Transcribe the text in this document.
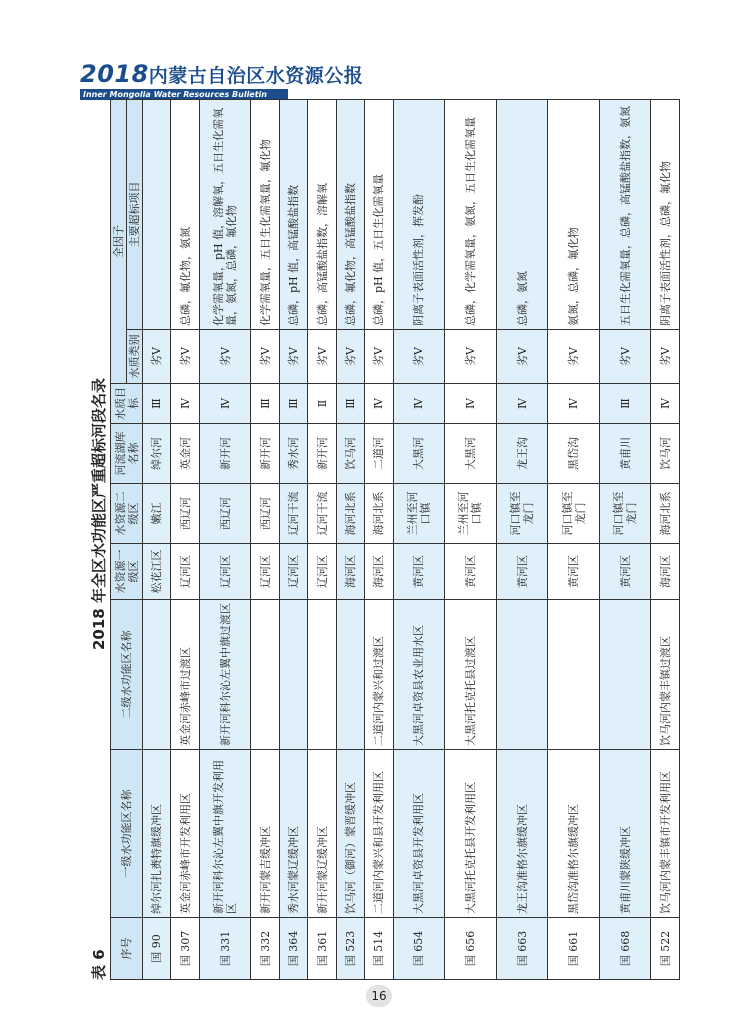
2018内蒙古自治区水资源公报
Inner Mongolia Water Resources Bulletin
表 6
2018 年全区水功能区严重超标河段名录
序号	一级水功能区名称	二级水功能区名称	水资源一级区	水资源二级区	河流湖库名称	水质目标	全因子	
							水质类别	主要超标项目
国 90	绰尔河扎赉特旗缓冲区		松花江区	嫩江	绰尔河	Ⅲ	劣Ⅴ	
国 307	英金河赤峰市开发利用区	英金河赤峰市过渡区	辽河区	西辽河	英金河	Ⅳ	劣Ⅴ	总磷，氟化物，氨氮
国 331	新开河科尔沁左翼中旗开发利用区	新开河科尔沁左翼中旗过渡区	辽河区	西辽河	新开河	Ⅳ	劣Ⅴ	化学需氧量，pH 值，溶解氧，五日生化需氧量，氨氮，总磷，氟化物
国 332	新开河蒙吉缓冲区		辽河区	西辽河	新开河	Ⅲ	劣Ⅴ	化学需氧量，五日生化需氧量，氟化物
国 364	秀水河蒙辽缓冲区		辽河区	辽河干流	秀水河	Ⅲ	劣Ⅴ	总磷，pH 值，高锰酸盐指数
国 361	新开河蒙辽缓冲区		辽河区	辽河干流	新开河	Ⅱ	劣Ⅴ	总磷，高锰酸盐指数，溶解氧
国 523	饮马河（御河）蒙晋缓冲区		海河区	海河北系	饮马河	Ⅲ	劣Ⅴ	总磷，氟化物，高锰酸盐指数
国 514	二道河内蒙兴和县开发利用区	二道河内蒙兴和过渡区	海河区	海河北系	二道河	Ⅳ	劣Ⅴ	总磷，pH 值，五日生化需氧量
国 654	大黑河卓资县开发利用区	大黑河卓资县农业用水区	黄河区	兰州至河口镇	大黑河	Ⅳ	劣Ⅴ	阴离子表面活性剂，挥发酚
国 656	大黑河托克托县开发利用区	大黑河托克托县过渡区	黄河区	兰州至河口镇	大黑河	Ⅳ	劣Ⅴ	总磷，化学需氧量，氨氮，五日生化需氧量
国 663	龙王沟准格尔旗缓冲区		黄河区	河口镇至龙门	龙王沟	Ⅳ	劣Ⅴ	总磷，氨氮
国 661	黑岱沟准格尔旗缓冲区		黄河区	河口镇至龙门	黑岱沟	Ⅳ	劣Ⅴ	氨氮，总磷，氟化物
国 668	黄甫川蒙陕缓冲区		黄河区	河口镇至龙门	黄甫川	Ⅲ	劣Ⅴ	五日生化需氧量，总磷，高锰酸盐指数，氨氮
国 522	饮马河内蒙丰镇市开发利用区	饮马河内蒙丰镇过渡区	海河区	海河北系	饮马河	Ⅳ	劣Ⅴ	阴离子表面活性剂，总磷，氟化物
16
